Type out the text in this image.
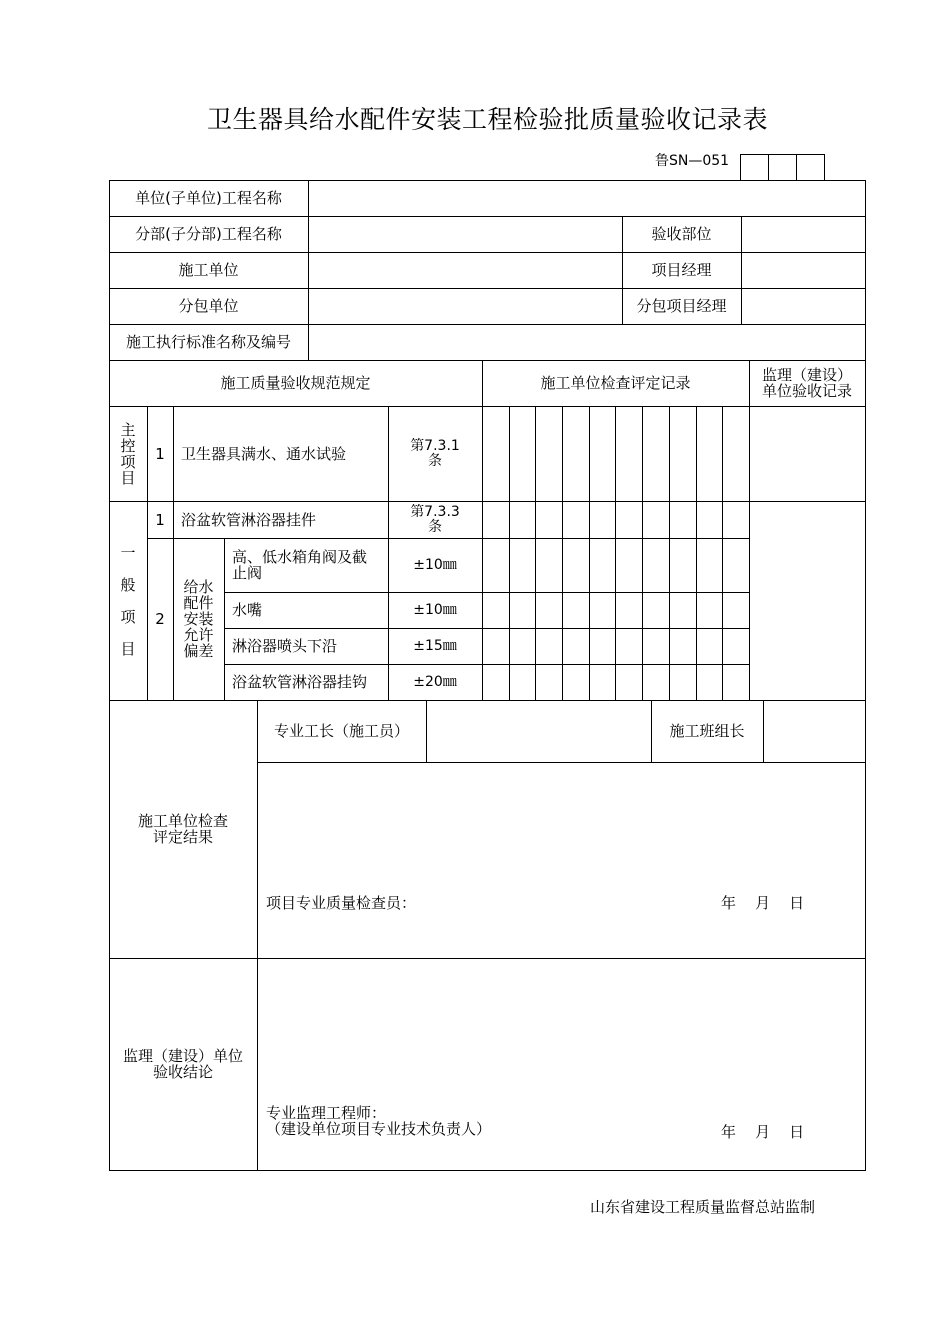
卫生器具给水配件安装工程检验批质量验收记录表
鲁SN—051
单位(子单位)工程名称
分部(子分部)工程名称	验收部位
施工单位	项目经理
分包单位	分包项目经理
施工执行标准名称及编号
施工质量验收规范规定	施工单位检查评定记录	监理（建设）
单位验收记录
主
控
项
目
1	卫生器具满水、通水试验	第7.3.1
条
一

般

项

目
1	浴盆软管淋浴器挂件	第7.3.3
条
2
给水
配件
安装
允许
偏差
高、低水箱角阀及截
止阀	±10㎜
水嘴	±10㎜
淋浴器喷头下沿	±15㎜
浴盆软管淋浴器挂钩	±20㎜
施工单位检查
评定结果
专业工长（施工员）	施工班组长
项目专业质量检查员：	年    月    日
监理（建设）单位
验收结论
专业监理工程师：
（建设单位项目专业技术负责人）	年    月    日
山东省建设工程质量监督总站监制
